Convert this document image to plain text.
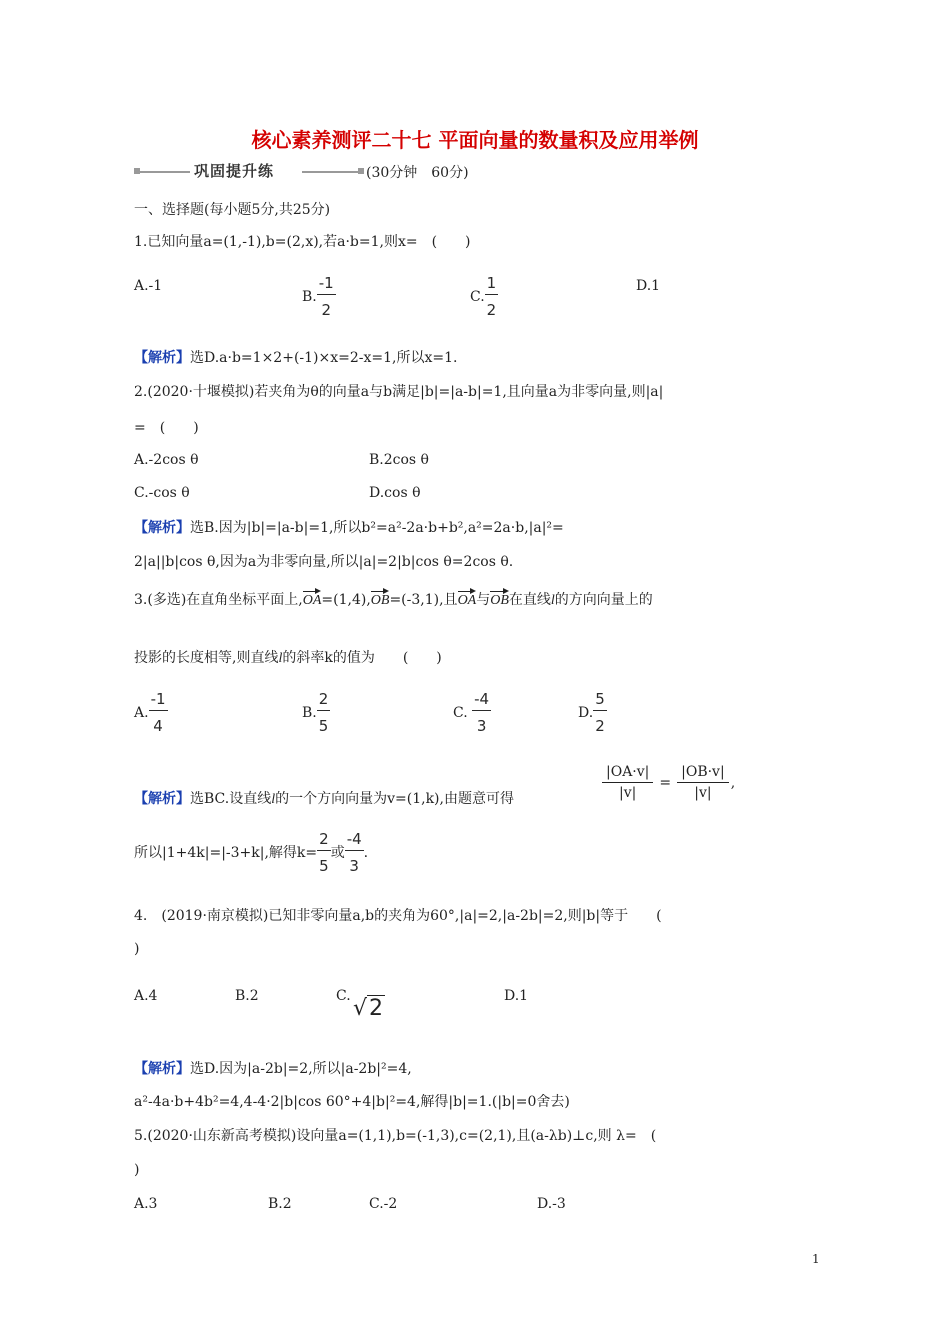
核心素养测评二十七 平面向量的数量积及应用举例
巩固提升练	(30分钟　60分)
一、选择题(每小题5分,共25分)
1.已知向量a=(1,-1),b=(2,x),若a·b=1,则x=　(　　)
A.-1
B. $\frac{-1}{2}$	C. $\frac{1}{2}$	D.1
【解析】选D.a·b=1×2+(-1)×x=2-x=1,所以x=1.
2.(2020·十堰模拟)若夹角为θ的向量a与b满足|b|=|a-b|=1,且向量a为非零向量,则|a|
=　(　　)
A.-2cos θ	B.2cos θ
C.-cos θ	D.cos θ
【解析】选B.因为|b|=|a-b|=1,所以b²=a²-2a·b+b²,a²=2a·b,|a|²=
2|a||b|cos θ,因为a为非零向量,所以|a|=2|b|cos θ=2cos θ.
3.(多选)在直角坐标平面上,OA=(1,4),OB=(-3,1),且OA与OB在直线l的方向向量上的
投影的长度相等,则直线l的斜率k的值为　　(　　)
A. $\frac{-1}{4}$	B. $\frac{2}{5}$	C. $\frac{-4}{3}$	D. $\frac{5}{2}$
【解析】选BC.设直线l的一个方向向量为v=(1,k),由题意可得	$\frac{|OA\cdot v|}{|v|} = \frac{|OB\cdot v|}{|v|}$ ,
所以|1+4k|=|-3+k|,解得$k= \frac{2}{5}$ 或 $\frac{-4}{3}$ .
4.　(2019·南京模拟)已知非零向量a,b的夹角为60°,|a|=2,|a-2b|=2,则|b|等于　　(
)
A.4	B.2	C. √2	D.1
【解析】选D.因为|a-2b|=2,所以|a-2b|²=4,
a²-4a·b+4b²=4,4-4·2|b|cos 60°+4|b|²=4,解得|b|=1.(|b|=0舍去)
5.(2020·山东新高考模拟)设向量a=(1,1),b=(-1,3),c=(2,1),且(a-λb)⊥c,则 λ=　(
)
A.3	B.2	C.-2	D.-3
1
